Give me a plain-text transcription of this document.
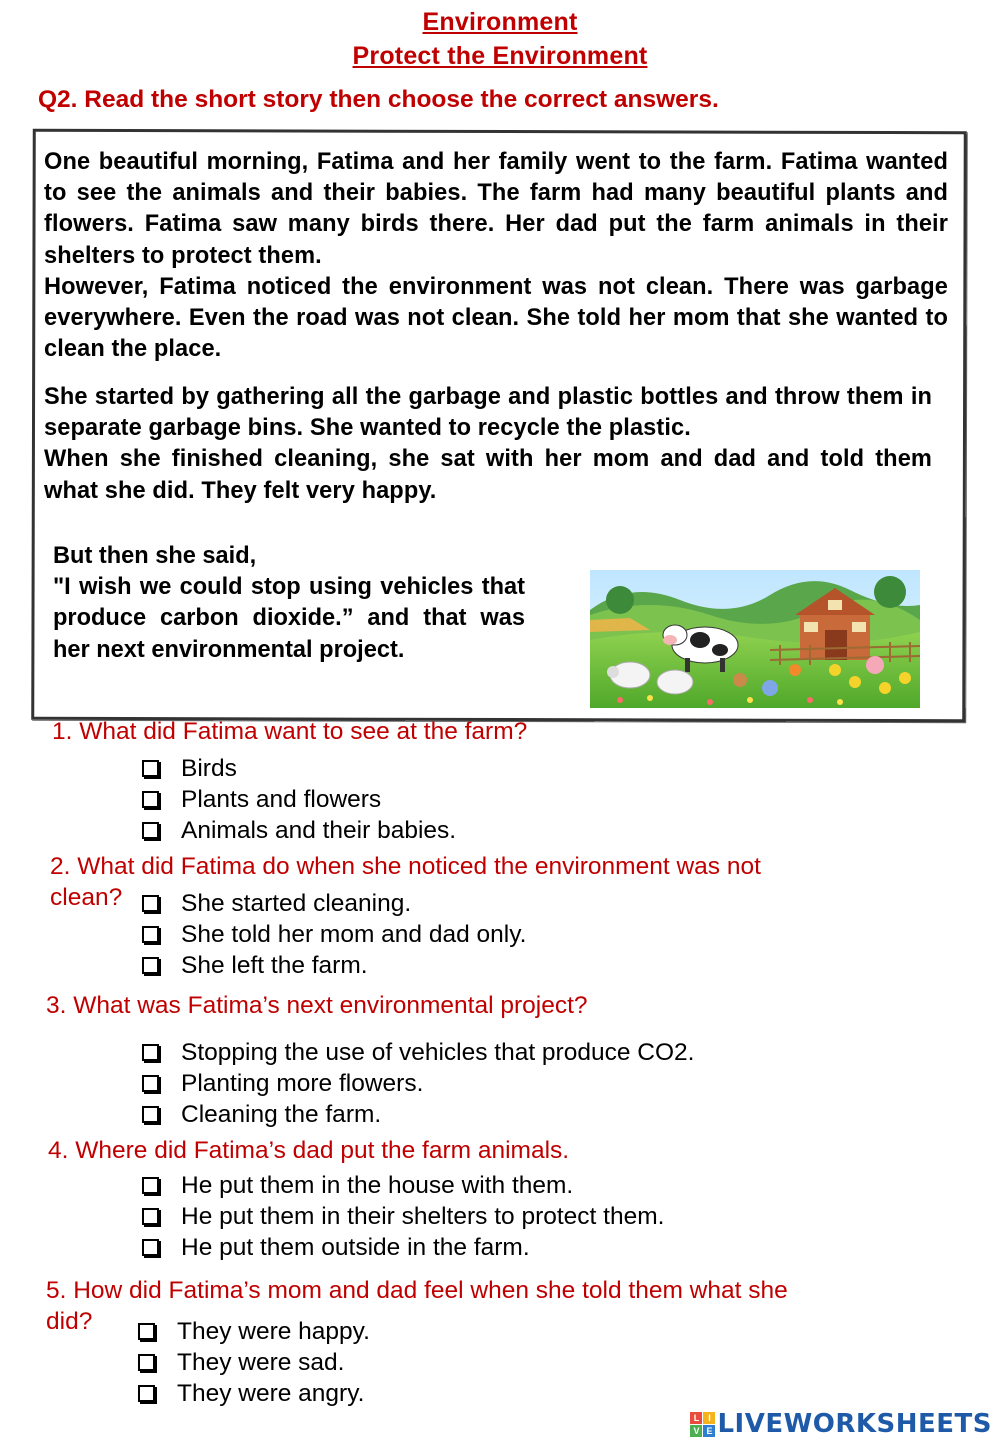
Environment
Protect the Environment
Q2. Read the short story then choose the correct answers.

One beautiful morning, Fatima and her family went to the farm. Fatima wanted to see the animals and their babies. The farm had many beautiful plants and flowers. Fatima saw many birds there. Her dad put the farm animals in their shelters to protect them.

However, Fatima noticed the environment was not clean. There was garbage everywhere. Even the road was not clean. She told her mom that she wanted to clean the place.

She started by gathering all the garbage and plastic bottles and throw them in separate garbage bins. She wanted to recycle the plastic.

When she finished cleaning, she sat with her mom and dad and told them what she did. They felt very happy.

But then she said,

"I wish we could stop using vehicles that produce carbon dioxide.” and that was her next environmental project.

1. What did Fatima want to see at the farm?
Birds
Plants and flowers
Animals and their babies.
2. What did Fatima do when she noticed the environment was not
clean? She started cleaning.
She told her mom and dad only.
She left the farm.
3. What was Fatima’s next environmental project?
Stopping the use of vehicles that produce CO2.
Planting more flowers.
Cleaning the farm.
4. Where did Fatima’s dad put the farm animals.
He put them in the house with them.
He put them in their shelters to protect them.
He put them outside in the farm.
5. How did Fatima’s mom and dad feel when she told them what she
did?	They were happy.
They were sad.
They were angry.
L I
V E LIVEWORKSHEETS
